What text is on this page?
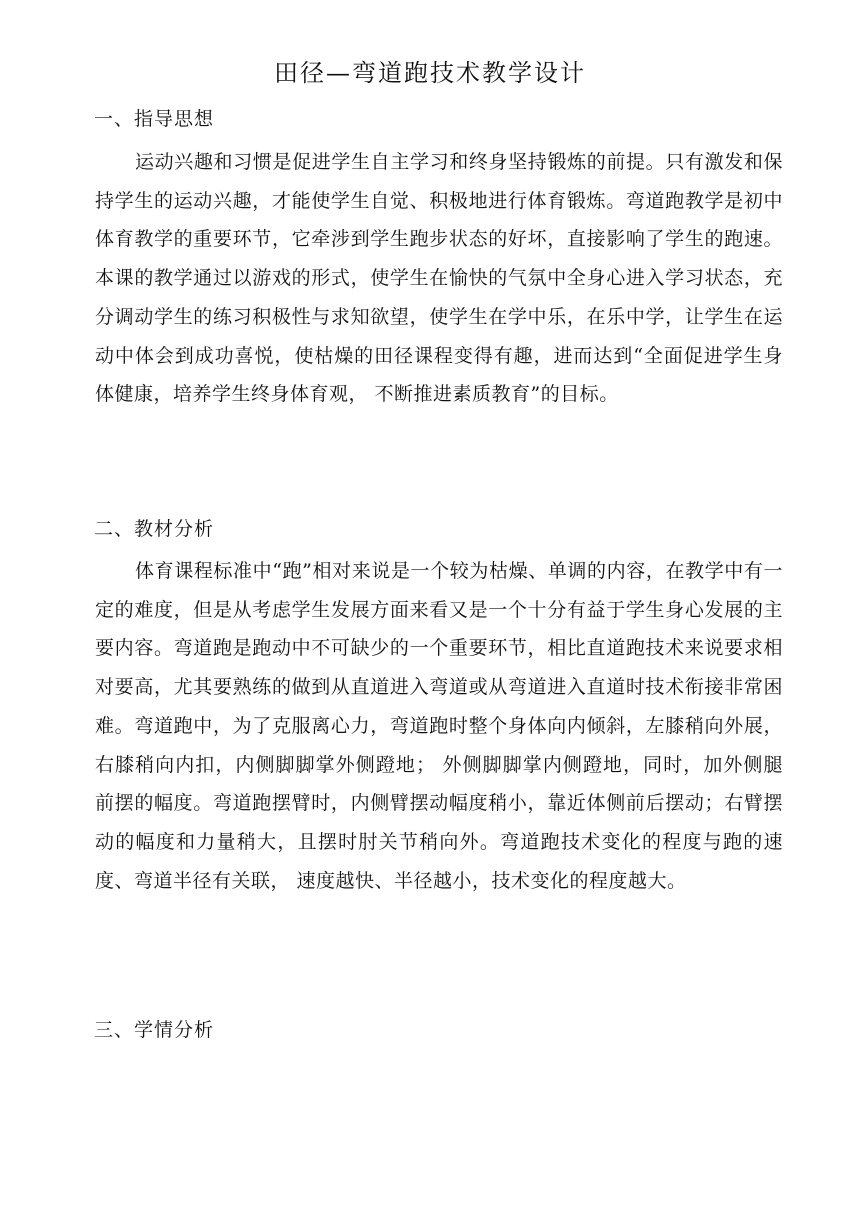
田径—弯道跑技术教学设计
一、指导思想
运动兴趣和习惯是促进学生自主学习和终身坚持锻炼的前提。只有激发和保持学生的运动兴趣，才能使学生自觉、积极地进行体育锻炼。弯道跑教学是初中体育教学的重要环节，它牵涉到学生跑步状态的好坏，直接影响了学生的跑速。本课的教学通过以游戏的形式，使学生在愉快的气氛中全身心进入学习状态，充分调动学生的练习积极性与求知欲望，使学生在学中乐，在乐中学，让学生在运动中体会到成功喜悦，使枯燥的田径课程变得有趣，进而达到“全面促进学生身体健康，培养学生终身体育观， 不断推进素质教育”的目标。
二、教材分析
体育课程标准中“跑”相对来说是一个较为枯燥、单调的内容，在教学中有一定的难度，但是从考虑学生发展方面来看又是一个十分有益于学生身心发展的主要内容。弯道跑是跑动中不可缺少的一个重要环节，相比直道跑技术来说要求相对要高，尤其要熟练的做到从直道进入弯道或从弯道进入直道时技术衔接非常困难。弯道跑中，为了克服离心力，弯道跑时整个身体向内倾斜，左膝稍向外展，右膝稍向内扣，内侧脚脚掌外侧蹬地； 外侧脚脚掌内侧蹬地，同时，加外侧腿前摆的幅度。弯道跑摆臂时，内侧臂摆动幅度稍小，靠近体侧前后摆动；右臂摆动的幅度和力量稍大，且摆时肘关节稍向外。弯道跑技术变化的程度与跑的速度、弯道半径有关联， 速度越快、半径越小，技术变化的程度越大。
三、学情分析
